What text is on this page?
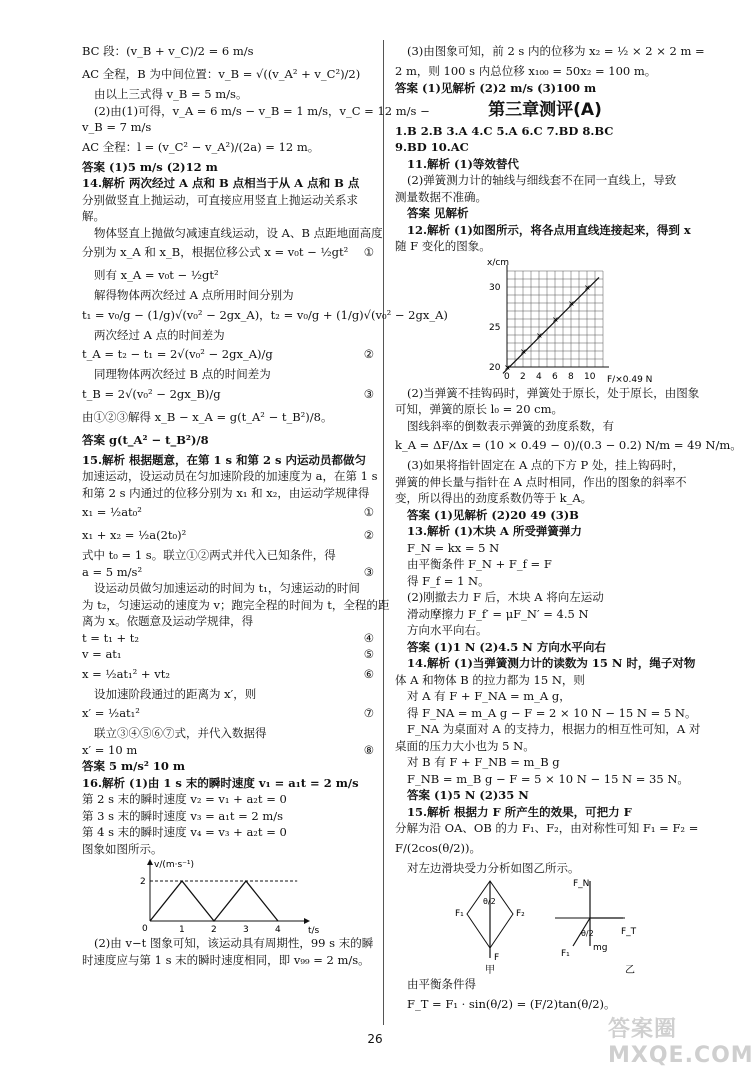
BC 段：(v_B + v_C)/2 = 6 m/s
AC 全程，B 为中间位置：v_B = √((v_A² + v_C²)/2)
由以上三式得 v_B = 5 m/s。
(2)由(1)可得，v_A = 6 m/s − v_B = 1 m/s，v_C = 12 m/s −
v_B = 7 m/s
AC 全程：l = (v_C² − v_A²)/(2a) = 12 m。
答案 (1)5 m/s (2)12 m
14.解析 两次经过 A 点和 B 点相当于从 A 点和 B 点
分别做竖直上抛运动，可直接应用竖直上抛运动关系求解。
物体竖直上抛做匀减速直线运动，设 A、B 点距地面高度
分别为 x_A 和 x_B，根据位移公式 x = v₀t − ½gt² ①
则有 x_A = v₀t − ½gt²
解得物体两次经过 A 点所用时间分别为
t₁ = v₀/g − (1/g)√(v₀² − 2gx_A)，t₂ = v₀/g + (1/g)√(v₀² − 2gx_A)
两次经过 A 点的时间差为
t_A = t₂ − t₁ = 2√(v₀² − 2gx_A)/g	②
同理物体两次经过 B 点的时间差为
t_B = 2√(v₀² − 2gx_B)/g	③
由①②③解得 x_B − x_A = g(t_A² − t_B²)/8。
答案 g(t_A² − t_B²)/8
15.解析 根据题意，在第 1 s 和第 2 s 内运动员都做匀
加速运动，设运动员在匀加速阶段的加速度为 a，在第 1 s
和第 2 s 内通过的位移分别为 x₁ 和 x₂，由运动学规律得
x₁ = ½at₀²	①
x₁ + x₂ = ½a(2t₀)²	②
式中 t₀ = 1 s。联立①②两式并代入已知条件，得
a = 5 m/s²	③
设运动员做匀加速运动的时间为 t₁，匀速运动的时间
为 t₂，匀速运动的速度为 v；跑完全程的时间为 t，全程的距
离为 x。依题意及运动学规律，得
t = t₁ + t₂	④
v = at₁	⑤
x = ½at₁² + vt₂	⑥
设加速阶段通过的距离为 x′，则
x′ = ½at₁²	⑦
联立③④⑤⑥⑦式，并代入数据得
x′ = 10 m	⑧
答案 5 m/s² 10 m
16.解析 (1)由 1 s 末的瞬时速度 v₁ = a₁t = 2 m/s
第 2 s 末的瞬时速度 v₂ = v₁ + a₂t = 0
第 3 s 末的瞬时速度 v₃ = a₁t = 2 m/s
第 4 s 末的瞬时速度 v₄ = v₃ + a₂t = 0
图象如图所示。
v/(m·s⁻¹)
t/s
0	1	2	3	4
2
(2)由 v−t 图象可知，该运动具有周期性，99 s 末的瞬
时速度应与第 1 s 末的瞬时速度相同，即 v₉₉ = 2 m/s。
(3)由图象可知，前 2 s 内的位移为 x₂ = ½ × 2 × 2 m =
2 m，则 100 s 内总位移 x₁₀₀ = 50x₂ = 100 m。
答案 (1)见解析 (2)2 m/s (3)100 m
第三章测评(A)
1.B 2.B 3.A 4.C 5.A 6.C 7.BD 8.BC
9.BD 10.AC
11.解析 (1)等效替代
(2)弹簧测力计的轴线与细线套不在同一直线上，导致
测量数据不准确。
答案 见解析
12.解析 (1)如图所示，将各点用直线连接起来，得到 x
随 F 变化的图象。
×
×
×
×
×
×
0 2 4 6 8 10
20
25
30
x/cm
F/×0.49 N
(2)当弹簧不挂钩码时，弹簧处于原长，处于原长，由图象
可知，弹簧的原长 l₀ = 20 cm。
图线斜率的倒数表示弹簧的劲度系数，有
k_A = ΔF/Δx = (10 × 0.49 − 0)/(0.3 − 0.2) N/m = 49 N/m。
(3)如果将指针固定在 A 点的下方 P 处，挂上钩码时，
弹簧的伸长量与指针在 A 点时相同，作出的图象的斜率不
变，所以得出的劲度系数仍等于 k_A。
答案 (1)见解析 (2)20 49 (3)B
13.解析 (1)木块 A 所受弹簧弹力
F_N = kx = 5 N
由平衡条件 F_N + F_f = F
得 F_f = 1 N。
(2)刚撤去力 F 后，木块 A 将向左运动
滑动摩擦力 F_f′ = μF_N′ = 4.5 N
方向水平向右。
答案 (1)1 N (2)4.5 N 方向水平向右
14.解析 (1)当弹簧测力计的读数为 15 N 时，绳子对物
体 A 和物体 B 的拉力都为 15 N，则
对 A 有 F + F_NA = m_A g，
得 F_NA = m_A g − F = 2 × 10 N − 15 N = 5 N。
F_NA 为桌面对 A 的支持力，根据力的相互性可知，A 对
桌面的压力大小也为 5 N。
对 B 有 F + F_NB = m_B g
F_NB = m_B g − F = 5 × 10 N − 15 N = 35 N。
答案 (1)5 N (2)35 N
15.解析 根据力 F 所产生的效果，可把力 F
分解为沿 OA、OB 的力 F₁、F₂，由对称性可知 F₁ = F₂ =
F/(2cos(θ/2))。
对左边滑块受力分析如图乙所示。
θ/2
F₁	F₂
F
甲
F_N
F_T
F₁
θ/2
mg
乙
由平衡条件得
F_T = F₁ · sin(θ/2) = (F/2)tan(θ/2)。
26	答案圈 MXQE.COM
